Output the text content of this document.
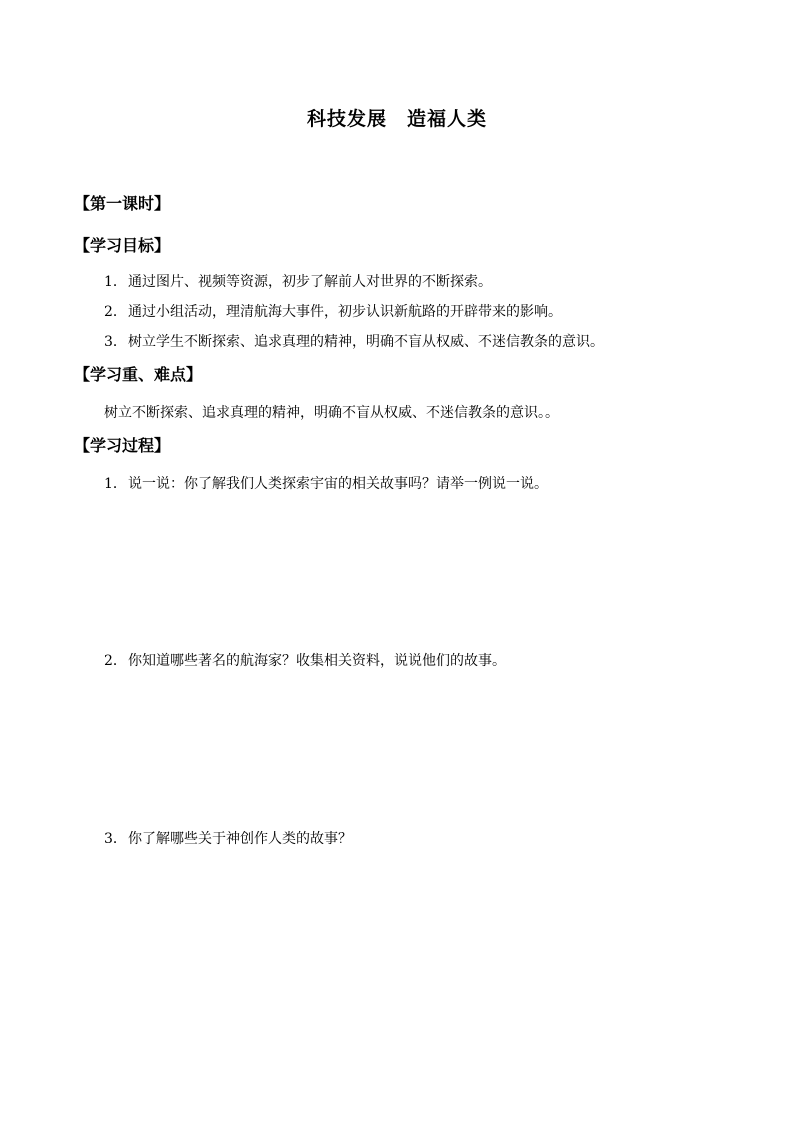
科技发展　造福人类
【第一课时】
【学习目标】
1．通过图片、视频等资源，初步了解前人对世界的不断探索。
2．通过小组活动，理清航海大事件，初步认识新航路的开辟带来的影响。
3．树立学生不断探索、追求真理的精神，明确不盲从权威、不迷信教条的意识。
【学习重、难点】
树立不断探索、追求真理的精神，明确不盲从权威、不迷信教条的意识。。
【学习过程】
1．说一说：你了解我们人类探索宇宙的相关故事吗？请举一例说一说。
2．你知道哪些著名的航海家？收集相关资料，说说他们的故事。
3．你了解哪些关于神创作人类的故事？
